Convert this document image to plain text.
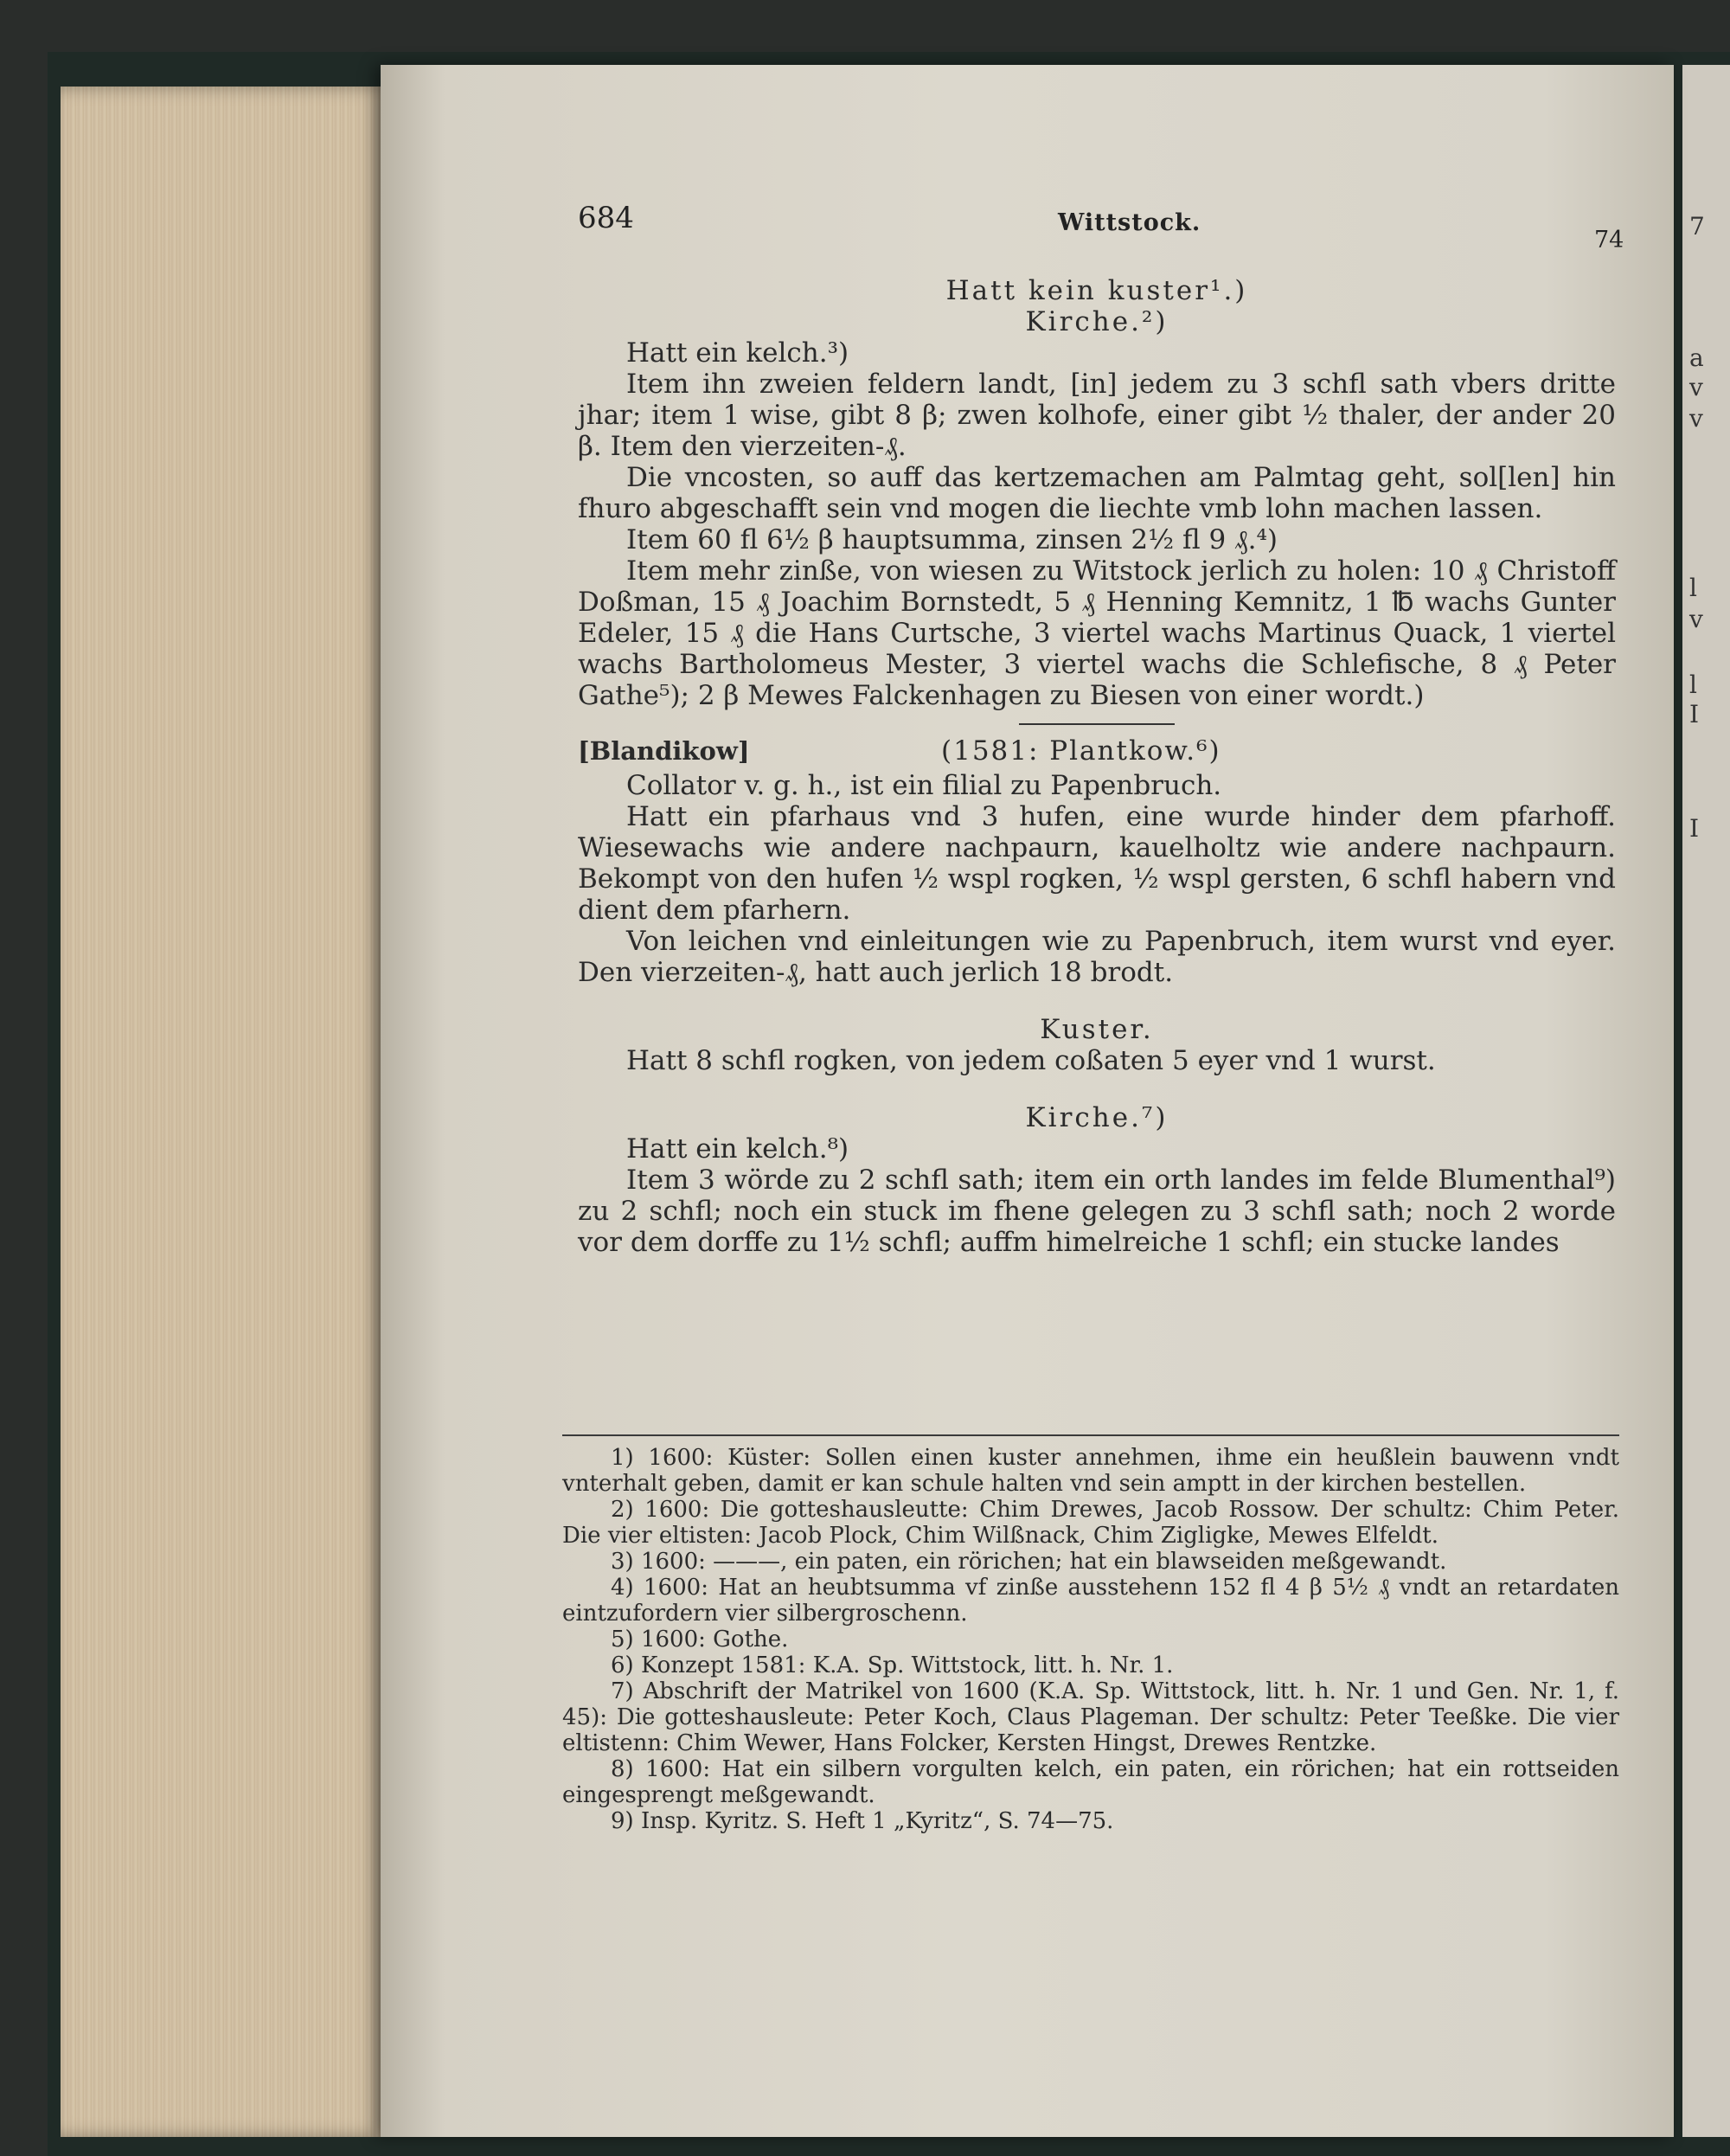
7
a
v
v
l
v
l
I
I
684	Wittstock.
74

Hatt kein kuster¹.)

Kirche.²)

Hatt ein kelch.³)

Item ihn zweien feldern landt, [in] jedem zu 3 schfl sath vbers dritte jhar; item 1 wise, gibt 8 β; zwen kolhofe, einer gibt ½ thaler, der ander 20 β. Item den vierzeiten-₰.

Die vncosten, so auff das kertzemachen am Palmtag geht, sol[len] hin fhuro abgeschafft sein vnd mogen die liechte vmb lohn machen lassen.

Item 60 fl 6½ β hauptsumma, zinsen 2½ fl 9 ₰.⁴)

Item mehr zinße, von wiesen zu Witstock jerlich zu holen: 10 ₰ Christoff Doßman, 15 ₰ Joachim Bornstedt, 5 ₰ Henning Kemnitz, 1 ℔ wachs Gunter Edeler, 15 ₰ die Hans Curtsche, 3 viertel wachs Martinus Quack, 1 viertel wachs Bartholomeus Mester, 3 viertel wachs die Schlefische, 8 ₰ Peter Gathe⁵); 2 β Mewes Falckenhagen zu Biesen von einer wordt.)

[Blandikow]	(1581: Plantkow.⁶)

Collator v. g. h., ist ein filial zu Papenbruch.

Hatt ein pfarhaus vnd 3 hufen, eine wurde hinder dem pfarhoff. Wiesewachs wie andere nachpaurn, kauelholtz wie andere nachpaurn. Bekompt von den hufen ½ wspl rogken, ½ wspl gersten, 6 schfl habern vnd dient dem pfarhern.

Von leichen vnd einleitungen wie zu Papenbruch, item wurst vnd eyer. Den vierzeiten-₰, hatt auch jerlich 18 brodt.

Kuster.

Hatt 8 schfl rogken, von jedem coßaten 5 eyer vnd 1 wurst.

Kirche.⁷)

Hatt ein kelch.⁸)

Item 3 wörde zu 2 schfl sath; item ein orth landes im felde Blumenthal⁹) zu 2 schfl; noch ein stuck im fhene gelegen zu 3 schfl sath; noch 2 worde vor dem dorffe zu 1½ schfl; auffm himelreiche 1 schfl; ein stucke landes

1) 1600: Küster: Sollen einen kuster annehmen, ihme ein heußlein bauwenn vndt vnterhalt geben, damit er kan schule halten vnd sein amptt in der kirchen bestellen.

2) 1600: Die gotteshausleutte: Chim Drewes, Jacob Rossow. Der schultz: Chim Peter. Die vier eltisten: Jacob Plock, Chim Wilßnack, Chim Zigligke, Mewes Elfeldt.

3) 1600: ———, ein paten, ein rörichen; hat ein blawseiden meßgewandt.

4) 1600: Hat an heubtsumma vf zinße ausstehenn 152 fl 4 β 5½ ₰ vndt an retardaten eintzufordern vier silbergroschenn.

5) 1600: Gothe.

6) Konzept 1581: K.A. Sp. Wittstock, litt. h. Nr. 1.

7) Abschrift der Matrikel von 1600 (K.A. Sp. Wittstock, litt. h. Nr. 1 und Gen. Nr. 1, f. 45): Die gotteshausleute: Peter Koch, Claus Plageman. Der schultz: Peter Teeßke. Die vier eltistenn: Chim Wewer, Hans Folcker, Kersten Hingst, Drewes Rentzke.

8) 1600: Hat ein silbern vorgulten kelch, ein paten, ein rörichen; hat ein rottseiden eingesprengt meßgewandt.

9) Insp. Kyritz. S. Heft 1 „Kyritz“, S. 74—75.
